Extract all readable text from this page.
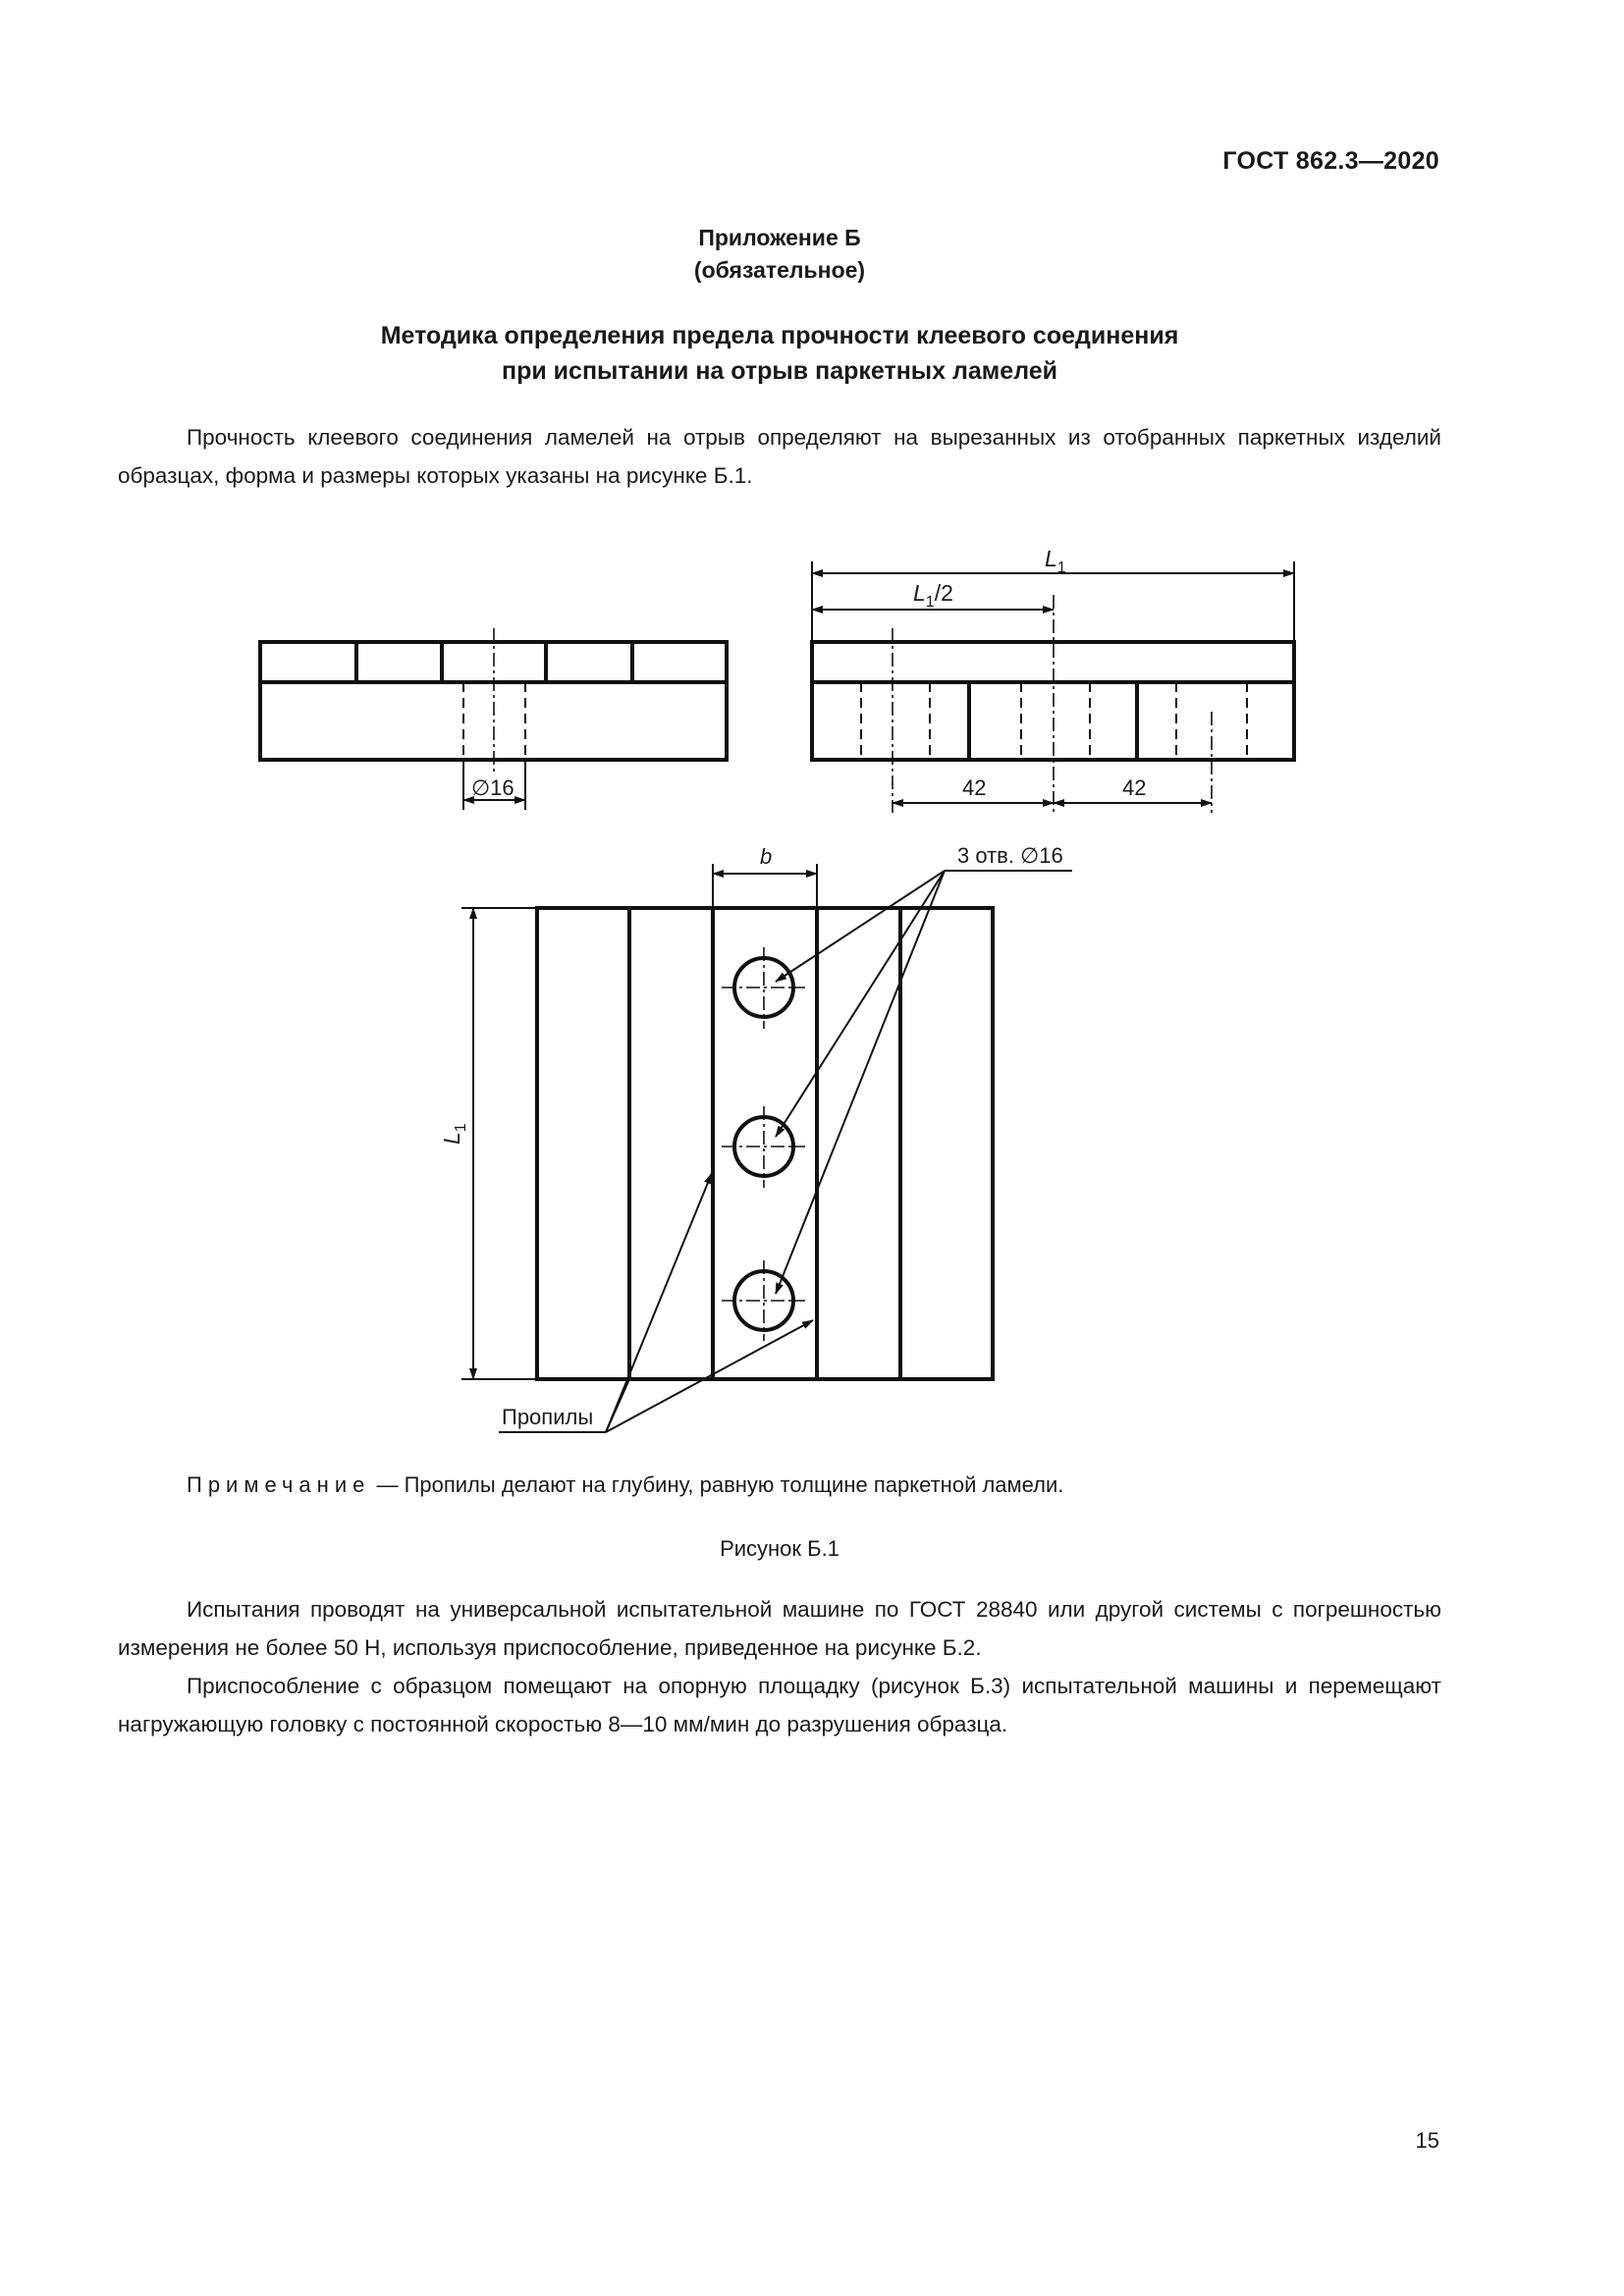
ГОСТ 862.3—2020
Приложение Б
(обязательное)
Методика определения предела прочности клеевого соединения
при испытании на отрыв паркетных ламелей
Прочность клеевого соединения ламелей на отрыв определяют на вырезанных из отобранных паркетных изделий образцах, форма и размеры которых указаны на рисунке Б.1.
∅16
$L_1$
$L_1/2$
42	42
$L_1$
b	3 отв. ∅16
Пропилы
Примечание — Пропилы делают на глубину, равную толщине паркетной ламели.
Рисунок Б.1
Испытания проводят на универсальной испытательной машине по ГОСТ 28840 или другой системы с погрешностью измерения не более 50 Н, используя приспособление, приведенное на рисунке Б.2.
Приспособление с образцом помещают на опорную площадку (рисунок Б.3) испытательной машины и перемещают нагружающую головку с постоянной скоростью 8—10 мм/мин до разрушения образца.
15
